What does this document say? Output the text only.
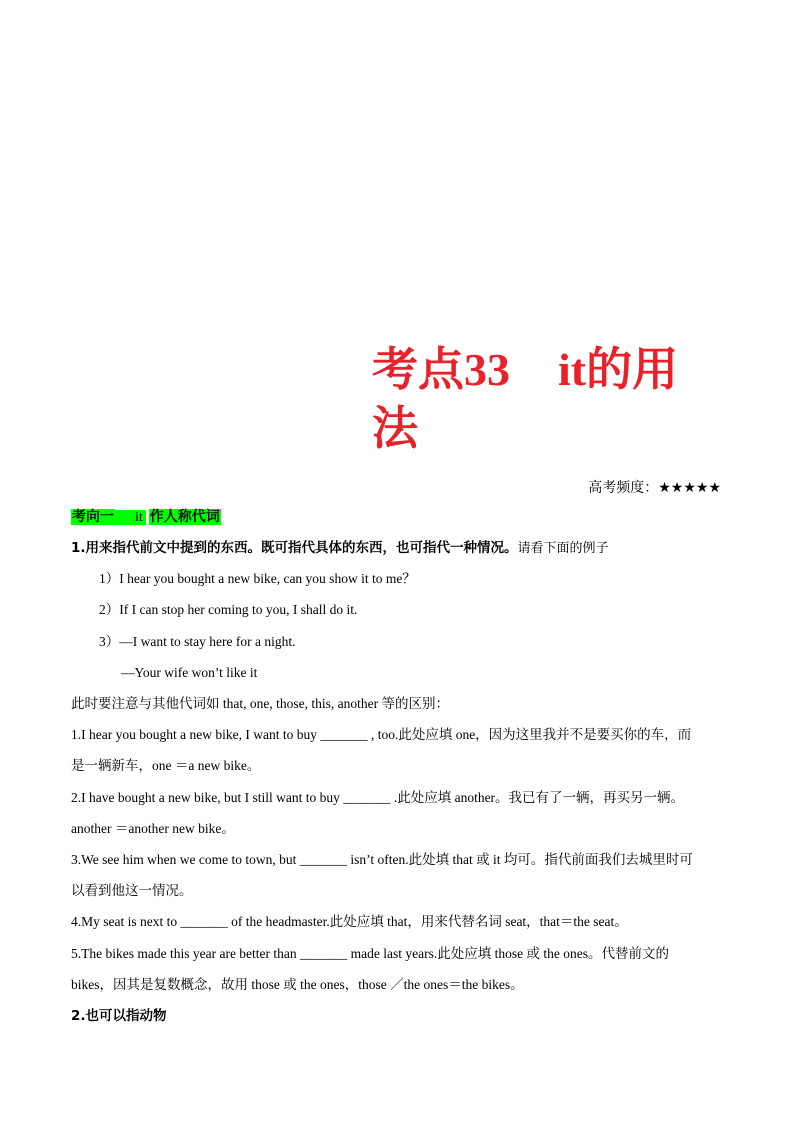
考点33 it的用
法
高考频度：★★★★★
考向一 it 作人称代词
1.用来指代前文中提到的东西。既可指代具体的东西，也可指代一种情况。请看下面的例子
1）I hear you bought a new bike, can you show it to me？
2）If I can stop her coming to you, I shall do it.
3）—I want to stay here for a night.
—Your wife won’t like it
此时要注意与其他代词如 that, one, those, this, another 等的区别：
1.I hear you bought a new bike, I want to buy _______ , too.此处应填 one，因为这里我并不是要买你的车，而
是一辆新车，one ＝a new bike。
2.I have bought a new bike, but I still want to buy _______ .此处应填 another。我已有了一辆，再买另一辆。
another ＝another new bike。
3.We see him when we come to town, but _______ isn’t often.此处填 that 或 it 均可。指代前面我们去城里时可
以看到他这一情况。
4.My seat is next to _______ of the headmaster.此处应填 that，用来代替名词 seat，that＝the seat。
5.The bikes made this year are better than _______ made last years.此处应填 those 或 the ones。代替前文的
bikes，因其是复数概念，故用 those 或 the ones，those ／the ones＝the bikes。
2.也可以指动物
